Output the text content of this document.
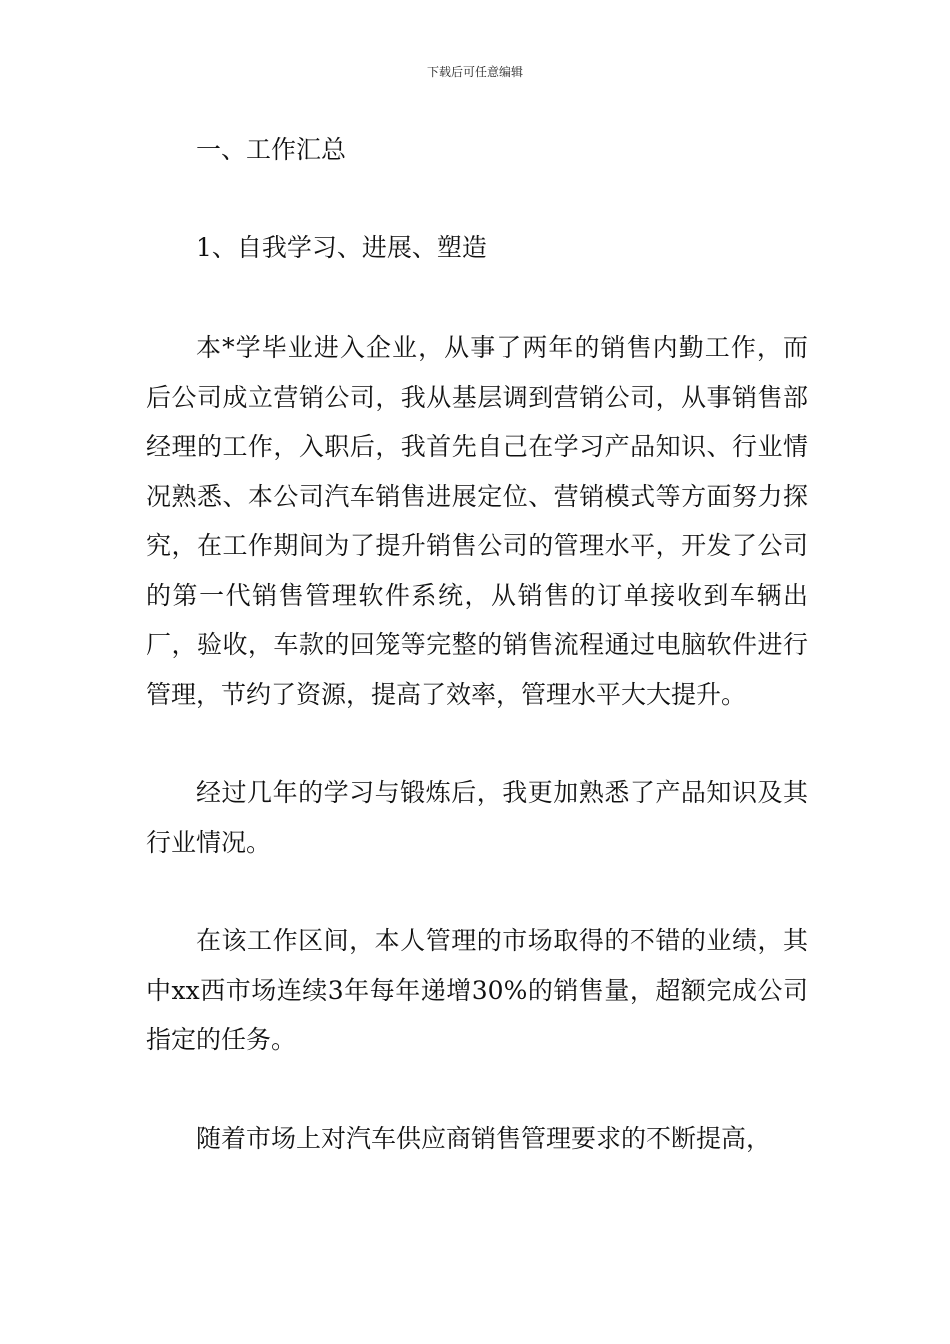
下载后可任意编辑
一、工作汇总
1、自我学习、进展、塑造

本*学毕业进入企业，从事了两年的销售内勤工作，而后公司成立营销公司，我从基层调到营销公司，从事销售部经理的工作，入职后，我首先自己在学习产品知识、行业情况熟悉、本公司汽车销售进展定位、营销模式等方面努力探究，在工作期间为了提升销售公司的管理水平，开发了公司的第一代销售管理软件系统，从销售的订单接收到车辆出厂，验收，车款的回笼等完整的销售流程通过电脑软件进行管理，节约了资源，提高了效率，管理水平大大提升。

经过几年的学习与锻炼后，我更加熟悉了产品知识及其行业情况。

在该工作区间，本人管理的市场取得的不错的业绩，其中xx西市场连续3年每年递增30%的销售量，超额完成公司指定的任务。

随着市场上对汽车供应商销售管理要求的不断提高，
